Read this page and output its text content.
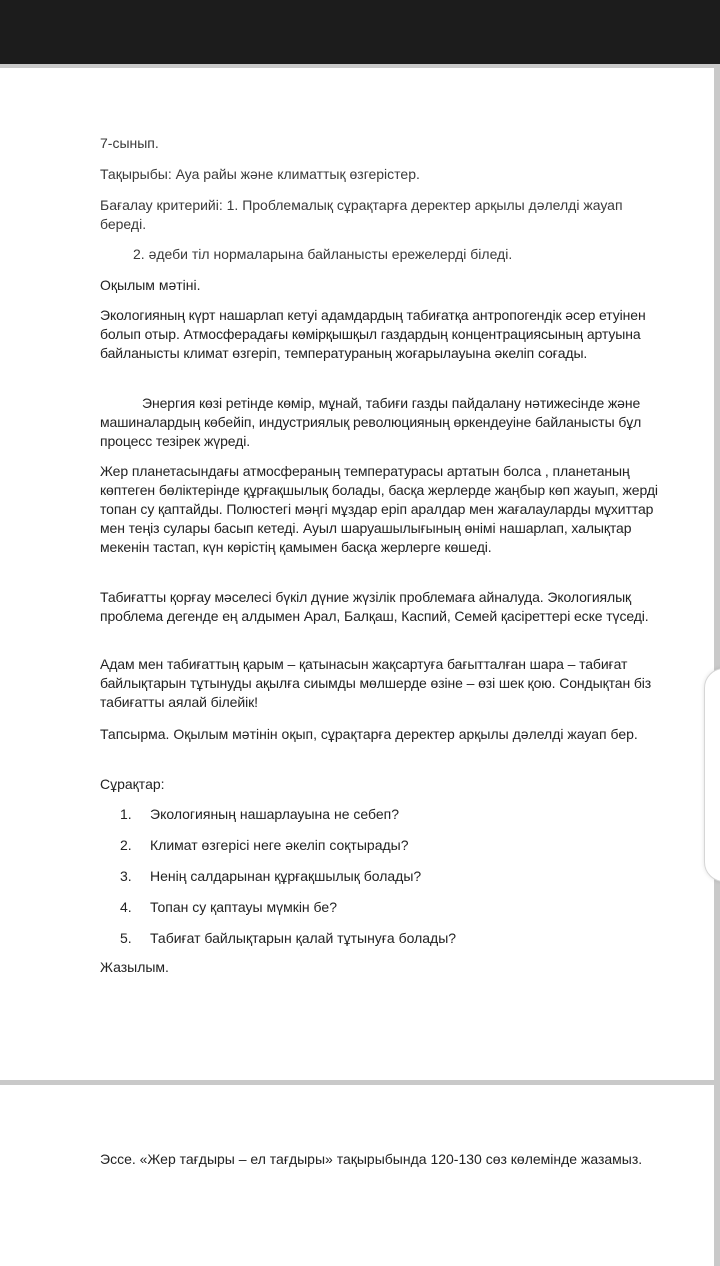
7-сынып.

Тақырыбы: Ауа райы және климаттық өзгерістер.

Бағалау критерийі: 1. Проблемалық сұрақтарға деректер арқылы дәлелді жауап береді.

2. әдеби тіл нормаларына байланысты ережелерді біледі.

Оқылым мәтіні.

Экологияның күрт нашарлап кетуі адамдардың табиғатқа антропогендік әсер етуінен болып отыр. Атмосферадағы көмірқышқыл газдардың концентрациясының артуына байланысты климат өзгеріп, температураның жоғарылауына әкеліп соғады.

Энергия көзі ретінде көмір, мұнай, табиғи газды пайдалану нәтижесінде және машиналардың көбейіп, индустриялық революцияның өркендеуіне байланысты бұл процесс тезірек жүреді.

Жер планетасындағы атмосфераның температурасы артатын болса , планетаның көптеген бөліктерінде құрғақшылық болады, басқа жерлерде жаңбыр көп жауып, жерді топан су қаптайды. Полюстегі мәңгі мұздар еріп аралдар мен жағалауларды мұхиттар мен теңіз сулары басып кетеді. Ауыл шаруашылығының өнімі нашарлап, халықтар мекенін тастап, күн көрістің қамымен басқа жерлерге көшеді.

Табиғатты қорғау мәселесі бүкіл дүние жүзілік проблемаға айналуда. Экологиялық проблема дегенде ең алдымен Арал, Балқаш, Каспий, Семей қасіреттері еске түседі.

Адам мен табиғаттың қарым – қатынасын жақсартуға бағытталған шара – табиғат байлықтарын тұтынуды ақылға сиымды мөлшерде өзіне – өзі шек қою. Сондықтан біз табиғатты аялай білейік!

Тапсырма. Оқылым мәтінін оқып, сұрақтарға деректер арқылы дәлелді жауап бер.

Сұрақтар:

1.	Экологияның нашарлауына не себеп?
2.	Климат өзгерісі неге әкеліп соқтырады?
3.	Ненің салдарынан құрғақшылық болады?
4.	Топан су қаптауы мүмкін бе?
5.	Табиғат байлықтарын қалай тұтынуға болады?

Жазылым.

Эссе. «Жер тағдыры – ел тағдыры» тақырыбында 120-130 сөз көлемінде жазамыз.
